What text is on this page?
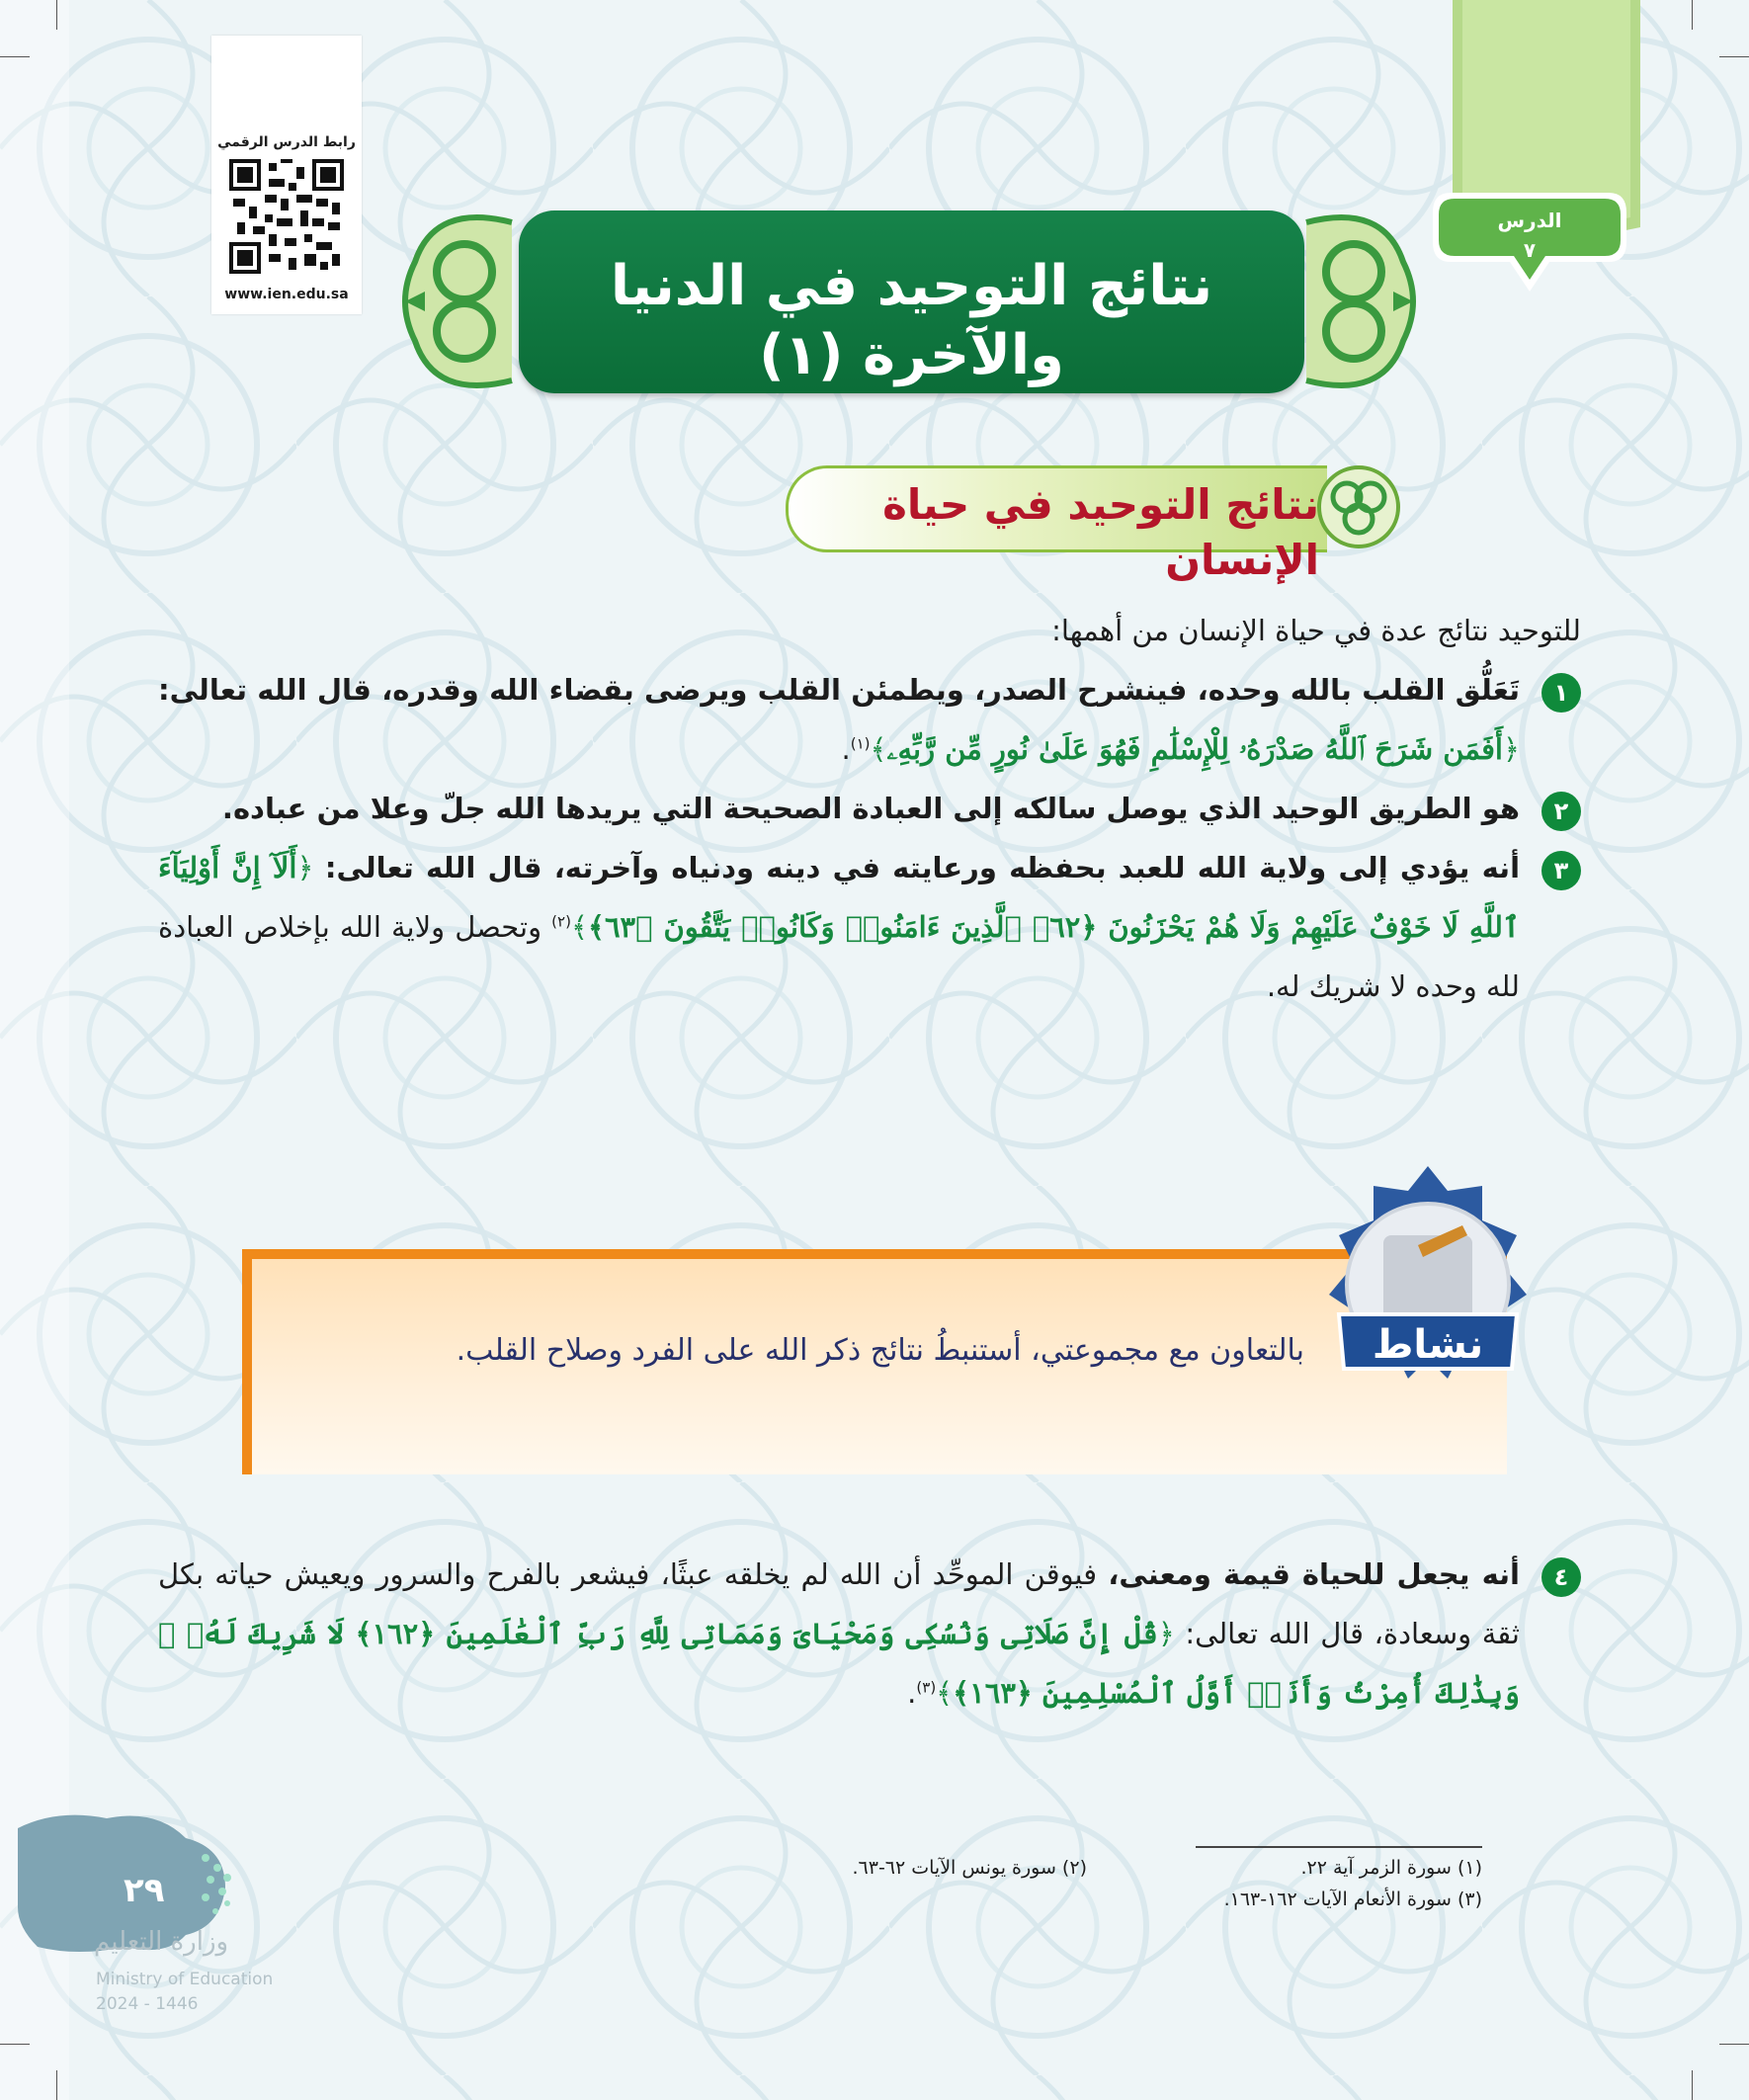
رابط الدرس الرقمي
www.ien.edu.sa
الدرس
٧
نتائج التوحيد في الدنيا والآخرة (١)
نتائج التوحيد في حياة الإنسان

للتوحيد نتائج عدة في حياة الإنسان من أهمها:

١
تَعَلُّق القلب بالله وحده، فينشرح الصدر، ويطمئن القلب ويرضى بقضاء الله وقدره، قال الله تعالى: ﴿أَفَمَن شَرَحَ ٱللَّهُ صَدْرَهُۥ لِلْإِسْلَٰمِ فَهُوَ عَلَىٰ نُورٍ مِّن رَّبِّهِۦ﴾$^{(١)}$.

٢
هو الطريق الوحيد الذي يوصل سالكه إلى العبادة الصحيحة التي يريدها الله جلّ وعلا من عباده.

٣
أنه يؤدي إلى ولاية الله للعبد بحفظه ورعايته في دينه ودنياه وآخرته، قال الله تعالى: ﴿أَلَآ إِنَّ أَوْلِيَآءَ ٱللَّهِ لَا خَوْفٌ عَلَيْهِمْ وَلَا هُمْ يَحْزَنُونَ ﴿٦٢﴾ ٱلَّذِينَ ءَامَنُوا۟ وَكَانُوا۟ يَتَّقُونَ ﴿٦٣﴾﴾$^{(٢)}$ وتحصل ولاية الله بإخلاص العبادة لله وحده لا شريك له.

بالتعاون مع مجموعتي، أستنبطُ نتائج ذكر الله على الفرد وصلاح القلب. نشاط

٤
أنه يجعل للحياة قيمة ومعنى، فيوقن الموحِّد أن الله لم يخلقه عبثًا، فيشعر بالفرح والسرور ويعيش حياته بكل ثقة وسعادة، قال الله تعالى: ﴿قُلْ إِنَّ صَلَاتِى وَنُسُكِى وَمَحْيَاىَ وَمَمَاتِى لِلَّهِ رَبِّ ٱلْعَٰلَمِينَ ﴿١٦٢﴾ لَا شَرِيكَ لَهُۥ ۖ وَبِذَٰلِكَ أُمِرْتُ وَأَنَا۠ أَوَّلُ ٱلْمُسْلِمِينَ ﴿١٦٣﴾﴾$^{(٣)}$.

(١) سورة الزمر آية ٢٢.
(٢) سورة يونس الآيات ٦٢-٦٣.
(٣) سورة الأنعام الآيات ١٦٢-١٦٣.
٢٩
وزارة التعليم
Ministry of Education
2024 - 1446
